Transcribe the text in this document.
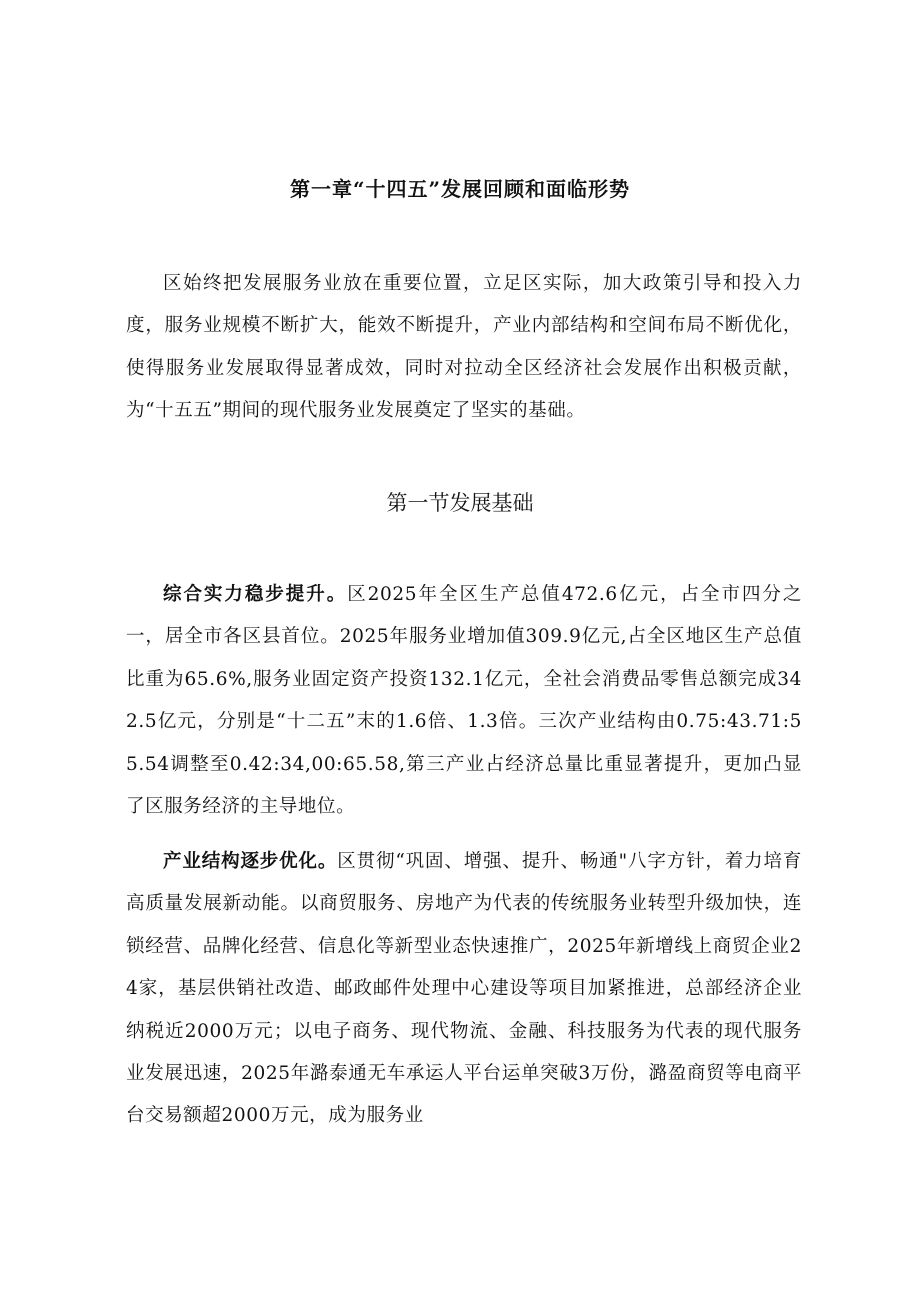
第一章“十四五”发展回顾和面临形势

区始终把发展服务业放在重要位置，立足区实际，加大政策引导和投入力度，服务业规模不断扩大，能效不断提升，产业内部结构和空间布局不断优化，使得服务业发展取得显著成效，同时对拉动全区经济社会发展作出积极贡献，为“十五五”期间的现代服务业发展奠定了坚实的基础。

第一节发展基础

综合实力稳步提升。区2025年全区生产总值472.6亿元，占全市四分之一，居全市各区县首位。2025年服务业增加值309.9亿元,占全区地区生产总值比重为65.6%,服务业固定资产投资132.1亿元，全社会消费品零售总额完成342.5亿元，分别是“十二五”末的1.6倍、1.3倍。三次产业结构由0.75:43.71:55.54调整至0.42:34,00:65.58,第三产业占经济总量比重显著提升，更加凸显了区服务经济的主导地位。

产业结构逐步优化。区贯彻“巩固、增强、提升、畅通"八字方针，着力培育高质量发展新动能。以商贸服务、房地产为代表的传统服务业转型升级加快，连锁经营、品牌化经营、信息化等新型业态快速推广，2025年新增线上商贸企业24家，基层供销社改造、邮政邮件处理中心建设等项目加紧推进，总部经济企业纳税近2000万元；以电子商务、现代物流、金融、科技服务为代表的现代服务业发展迅速，2025年潞泰通无车承运人平台运单突破3万份，潞盈商贸等电商平台交易额超2000万元，成为服务业
